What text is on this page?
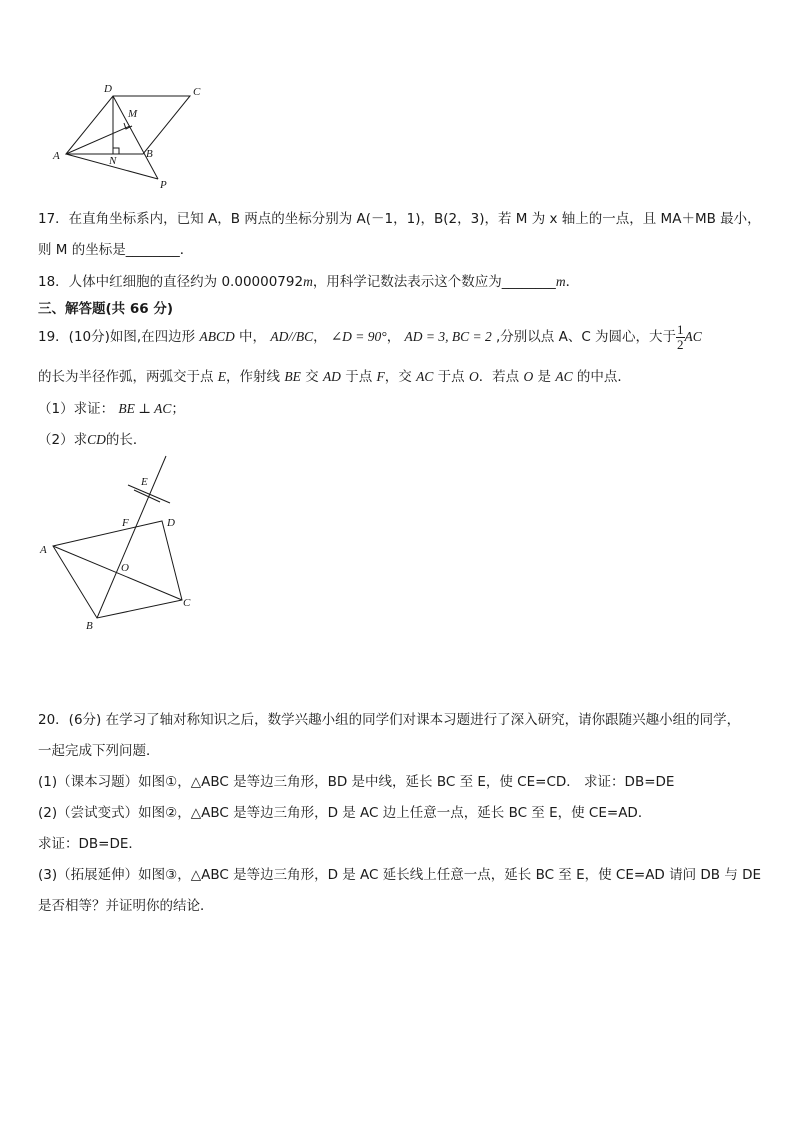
D	C
M
A	N
B
P
17．在直角坐标系内，已知 A，B 两点的坐标分别为 A(－1，1)，B(2，3)，若 M 为 x 轴上的一点，且 MA＋MB 最小，
则 M 的坐标是________．
18．人体中红细胞的直径约为 0.00000792m，用科学记数法表示这个数应为________m．
三、解答题(共 66 分)
19．(10分)如图,在四边形 ABCD 中， AD//BC， ∠D = 90°， AD = 3, BC = 2 ,分别以点 A、C 为圆心，大于 $\frac{1}{2}$ AC
的长为半径作弧，两弧交于点 E，作射线 BE 交 AD 于点 F，交 AC 于点 O．若点 O 是 AC 的中点．
（1）求证： BE ⊥ AC；
（2）求CD的长．
E
F	D
A
O
C
B
20．(6分) 在学习了轴对称知识之后，数学兴趣小组的同学们对课本习题进行了深入研究，请你跟随兴趣小组的同学，
一起完成下列问题．
(1)（课本习题）如图①，△ABC 是等边三角形，BD 是中线，延长 BC 至 E，使 CE=CD． 求证：DB=DE
(2)（尝试变式）如图②，△ABC 是等边三角形，D 是 AC 边上任意一点，延长 BC 至 E，使 CE=AD．
求证：DB=DE．
(3)（拓展延伸）如图③，△ABC 是等边三角形，D 是 AC 延长线上任意一点，延长 BC 至 E，使 CE=AD 请问 DB 与 DE
是否相等？并证明你的结论．
